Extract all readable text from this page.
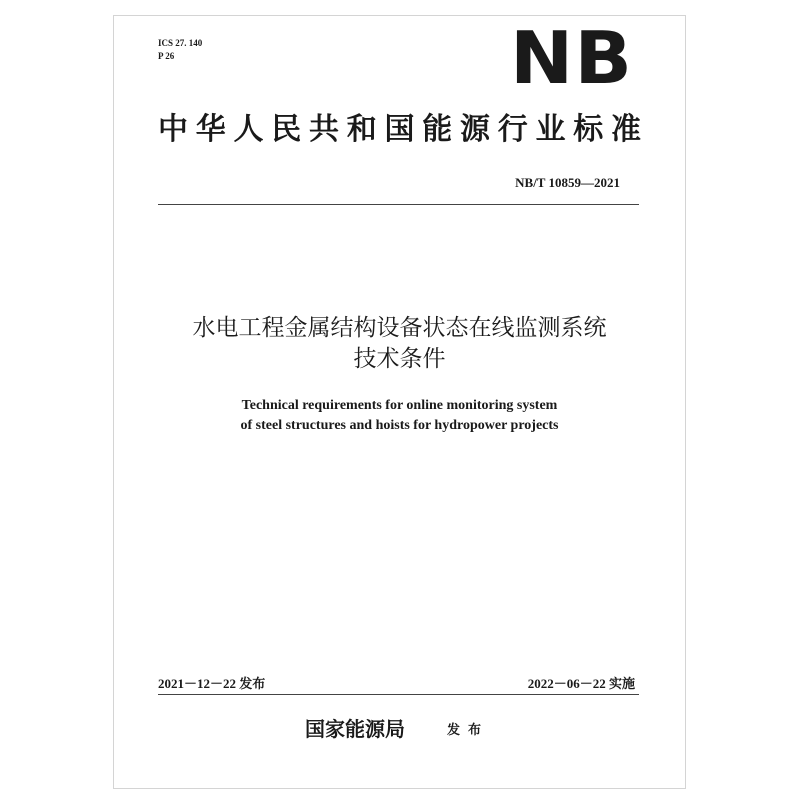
ICS 27. 140
P 26	NB
中华人民共和国能源行业标准
NB/T 10859—2021
水电工程金属结构设备状态在线监测系统
技术条件
Technical requirements for online monitoring system
of steel structures and hoists for hydropower projects
2021－12－22 发布	2022－06－22 实施
国家能源局	发布
